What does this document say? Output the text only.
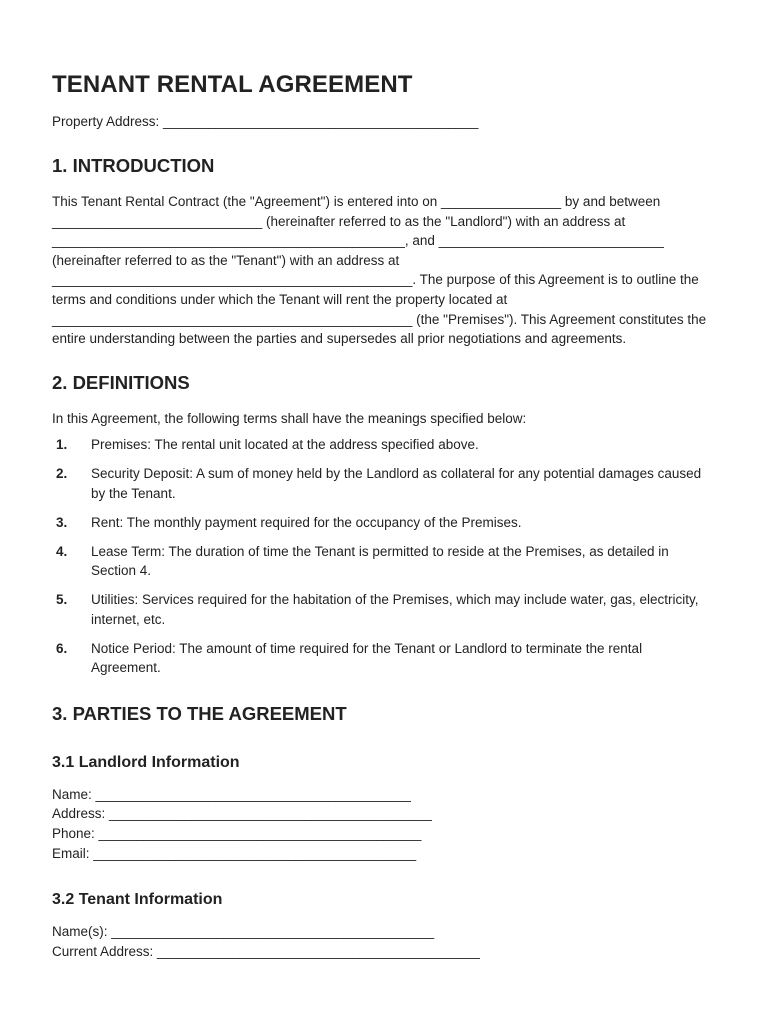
TENANT RENTAL AGREEMENT
Property Address: __________________________________________
1. INTRODUCTION

This Tenant Rental Contract (the "Agreement") is entered into on ________________ by and between ____________________________ (hereinafter referred to as the "Landlord") with an address at _______________________________________________, and ______________________________ (hereinafter referred to as the "Tenant") with an address at ________________________________________________. The purpose of this Agreement is to outline the terms and conditions under which the Tenant will rent the property located at ________________________________________________ (the "Premises"). This Agreement constitutes the entire understanding between the parties and supersedes all prior negotiations and agreements.

2. DEFINITIONS

In this Agreement, the following terms shall have the meanings specified below:

1.	Premises: The rental unit located at the address specified above.
2.	Security Deposit: A sum of money held by the Landlord as collateral for any potential damages caused by the Tenant.
3.	Rent: The monthly payment required for the occupancy of the Premises.
4.	Lease Term: The duration of time the Tenant is permitted to reside at the Premises, as detailed in Section 4.
5.	Utilities: Services required for the habitation of the Premises, which may include water, gas, electricity, internet, etc.
6.	Notice Period: The amount of time required for the Tenant or Landlord to terminate the rental Agreement.
3. PARTIES TO THE AGREEMENT
3.1 Landlord Information
Name: __________________________________________
Address: ___________________________________________
Phone: ___________________________________________
Email: ___________________________________________
3.2 Tenant Information
Name(s): ___________________________________________
Current Address: ___________________________________________
